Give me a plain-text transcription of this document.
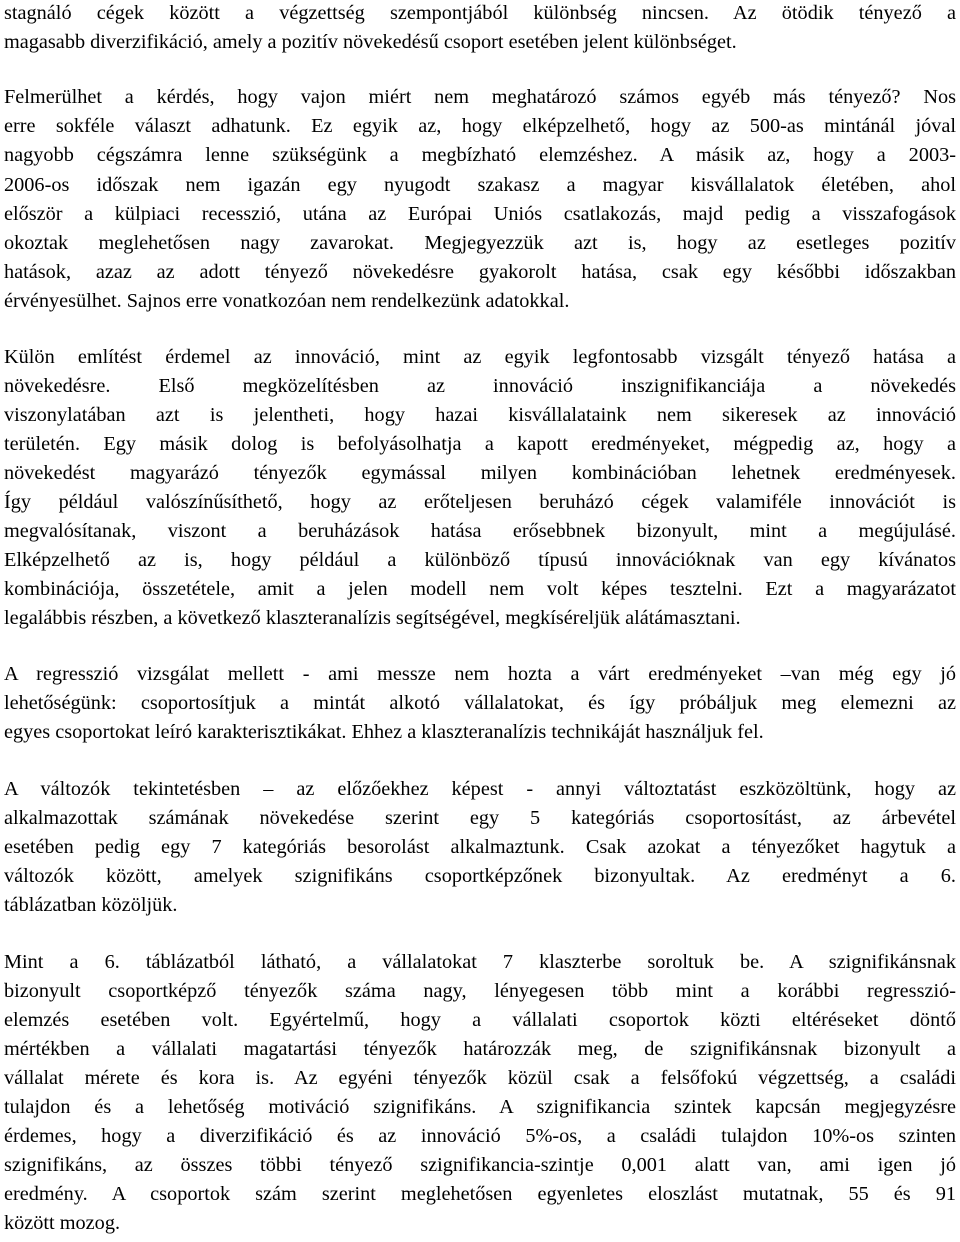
stagnáló cégek között a végzettség szempontjából különbség nincsen. Az ötödik tényező a
magasabb diverzifikáció, amely a pozitív növekedésű csoport esetében jelent különbséget.
Felmerülhet a kérdés, hogy vajon miért nem meghatározó számos egyéb más tényező? Nos
erre sokféle választ adhatunk. Ez egyik az, hogy elképzelhető, hogy az 500-as mintánál jóval
nagyobb cégszámra lenne szükségünk a megbízható elemzéshez. A másik az, hogy a 2003-
2006-os időszak nem igazán egy nyugodt szakasz a magyar kisvállalatok életében, ahol
először a külpiaci recesszió, utána az Európai Uniós csatlakozás, majd pedig a visszafogások
okoztak meglehetősen nagy zavarokat. Megjegyezzük azt is, hogy az esetleges pozitív
hatások, azaz az adott tényező növekedésre gyakorolt hatása, csak egy későbbi időszakban
érvényesülhet. Sajnos erre vonatkozóan nem rendelkezünk adatokkal.
Külön említést érdemel az innováció, mint az egyik legfontosabb vizsgált tényező hatása a
növekedésre. Első megközelítésben az innováció inszignifikanciája a növekedés
viszonylatában azt is jelentheti, hogy hazai kisvállalataink nem sikeresek az innováció
területén. Egy másik dolog is befolyásolhatja a kapott eredményeket, mégpedig az, hogy a
növekedést magyarázó tényezők egymással milyen kombinációban lehetnek eredményesek.
Így például valószínűsíthető, hogy az erőteljesen beruházó cégek valamiféle innovációt is
megvalósítanak, viszont a beruházások hatása erősebbnek bizonyult, mint a megújulásé.
Elképzelhető az is, hogy például a különböző típusú innovációknak van egy kívánatos
kombinációja, összetétele, amit a jelen modell nem volt képes tesztelni. Ezt a magyarázatot
legalábbis részben, a következő klaszteranalízis segítségével, megkíséreljük alátámasztani.
A regresszió vizsgálat mellett - ami messze nem hozta a várt eredményeket –van még egy jó
lehetőségünk: csoportosítjuk a mintát alkotó vállalatokat, és így próbáljuk meg elemezni az
egyes csoportokat leíró karakterisztikákat. Ehhez a klaszteranalízis technikáját használjuk fel.
A változók tekintetésben – az előzőekhez képest - annyi változtatást eszközöltünk, hogy az
alkalmazottak számának növekedése szerint egy 5 kategóriás csoportosítást, az árbevétel
esetében pedig egy 7 kategóriás besorolást alkalmaztunk. Csak azokat a tényezőket hagytuk a
változók között, amelyek szignifikáns csoportképzőnek bizonyultak. Az eredményt a 6.
táblázatban közöljük.
Mint a 6. táblázatból látható, a vállalatokat 7 klaszterbe soroltuk be. A szignifikánsnak
bizonyult csoportképző tényezők száma nagy, lényegesen több mint a korábbi regresszió-
elemzés esetében volt. Egyértelmű, hogy a vállalati csoportok közti eltéréseket döntő
mértékben a vállalati magatartási tényezők határozzák meg, de szignifikánsnak bizonyult a
vállalat mérete és kora is. Az egyéni tényezők közül csak a felsőfokú végzettség, a családi
tulajdon és a lehetőség motiváció szignifikáns. A szignifikancia szintek kapcsán megjegyzésre
érdemes, hogy a diverzifikáció és az innováció 5%-os, a családi tulajdon 10%-os szinten
szignifikáns, az összes többi tényező szignifikancia-szintje 0,001 alatt van, ami igen jó
eredmény. A csoportok szám szerint meglehetősen egyenletes eloszlást mutatnak, 55 és 91
között mozog.
